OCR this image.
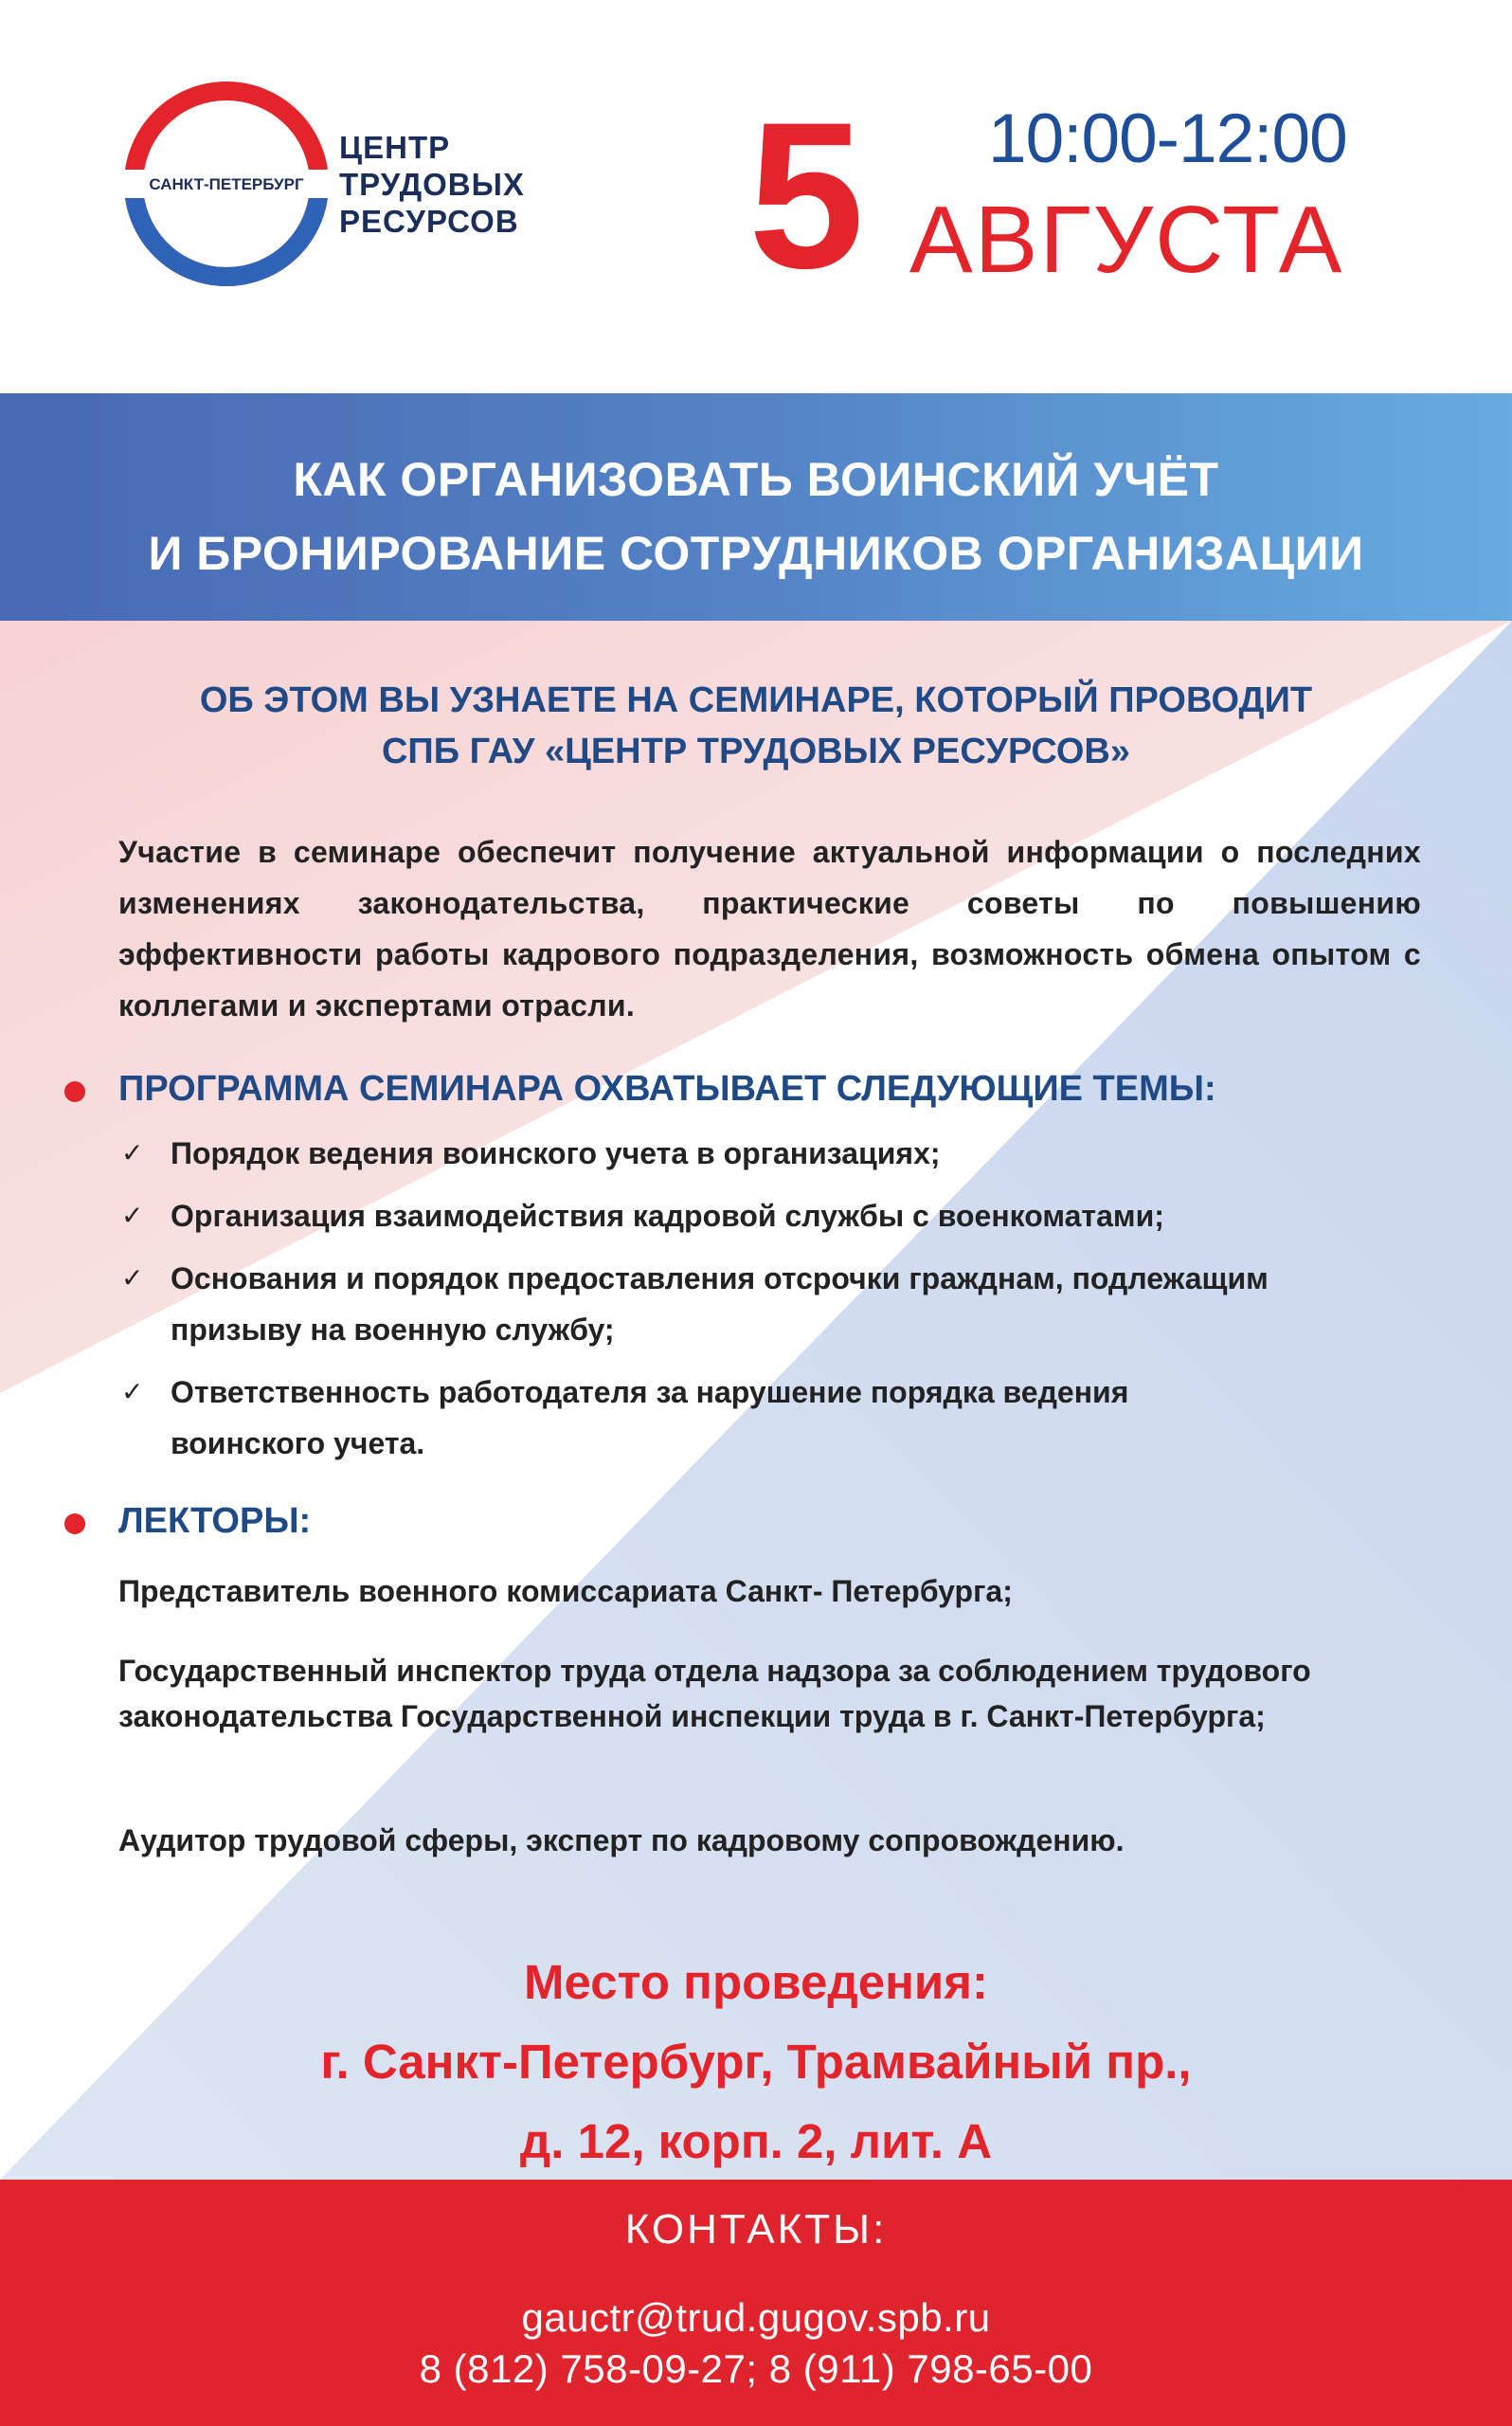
САНКТ-ПЕТЕРБУРГ
ЦЕНТР
ТРУДОВЫХ
РЕСУРСОВ 5 10:00-12:00
АВГУСТА
КАК ОРГАНИЗОВАТЬ ВОИНСКИЙ УЧЁТ
И БРОНИРОВАНИЕ СОТРУДНИКОВ ОРГАНИЗАЦИИ
ОБ ЭТОМ ВЫ УЗНАЕТЕ НА СЕМИНАРЕ, КОТОРЫЙ ПРОВОДИТ
СПБ ГАУ «ЦЕНТР ТРУДОВЫХ РЕСУРСОВ»
Участие в семинаре обеспечит получение актуальной информации о последних изменениях законодательства, практические советы по повышению эффективности работы кадрового подразделения, возможность обмена опытом с коллегами и экспертами отрасли.
ПРОГРАММА СЕМИНАРА ОХВАТЫВАЕТ СЛЕДУЮЩИЕ ТЕМЫ:
✓ Порядок ведения воинского учета в организациях;
✓ Организация взаимодействия кадровой службы с военкоматами;
✓ Основания и порядок предоставления отсрочки гражднам, подлежащим призыву на военную службу;
✓ Ответственность работодателя за нарушение порядка ведения воинского учета.
ЛЕКТОРЫ:
Представитель военного комиссариата Санкт- Петербурга;
Государственный инспектор труда отдела надзора за соблюдением трудового законодательства Государственной инспекции труда в г. Санкт-Петербурга;
Аудитор трудовой сферы, эксперт по кадровому сопровождению.
Место проведения:
г. Санкт-Петербург, Трамвайный пр.,
д. 12, корп. 2, лит. А
КОНТАКТЫ:
gauctr@trud.gugov.spb.ru
8 (812) 758-09-27; 8 (911) 798-65-00
